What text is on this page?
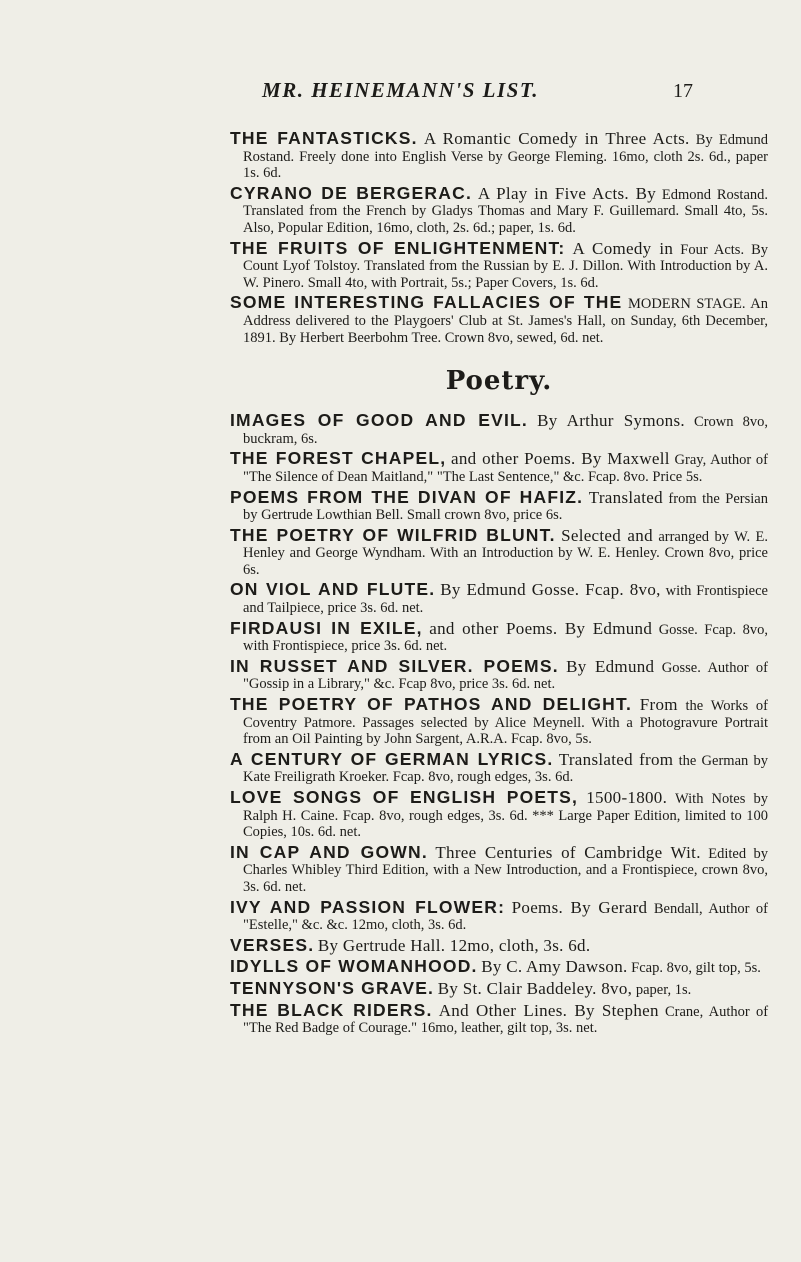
MR. HEINEMANN'S LIST.	17
THE FANTASTICKS. A Romantic Comedy in Three Acts. By Edmund Rostand. Freely done into English Verse by George Fleming. 16mo, cloth 2s. 6d., paper 1s. 6d.
CYRANO DE BERGERAC. A Play in Five Acts. By Edmond Rostand. Translated from the French by Gladys Thomas and Mary F. Guillemard. Small 4to, 5s. Also, Popular Edition, 16mo, cloth, 2s. 6d.; paper, 1s. 6d.
THE FRUITS OF ENLIGHTENMENT: A Comedy in Four Acts. By Count Lyof Tolstoy. Translated from the Russian by E. J. Dillon. With Introduction by A. W. Pinero. Small 4to, with Portrait, 5s.; Paper Covers, 1s. 6d.
SOME INTERESTING FALLACIES OF THE MODERN STAGE. An Address delivered to the Playgoers' Club at St. James's Hall, on Sunday, 6th December, 1891. By Herbert Beerbohm Tree. Crown 8vo, sewed, 6d. net.
Poetry.
IMAGES OF GOOD AND EVIL. By Arthur Symons. Crown 8vo, buckram, 6s.
THE FOREST CHAPEL, and other Poems. By Maxwell Gray, Author of "The Silence of Dean Maitland," "The Last Sentence," &c. Fcap. 8vo. Price 5s.
POEMS FROM THE DIVAN OF HAFIZ. Translated from the Persian by Gertrude Lowthian Bell. Small crown 8vo, price 6s.
THE POETRY OF WILFRID BLUNT. Selected and arranged by W. E. Henley and George Wyndham. With an Introduction by W. E. Henley. Crown 8vo, price 6s.
ON VIOL AND FLUTE. By Edmund Gosse. Fcap. 8vo, with Frontispiece and Tailpiece, price 3s. 6d. net.
FIRDAUSI IN EXILE, and other Poems. By Edmund Gosse. Fcap. 8vo, with Frontispiece, price 3s. 6d. net.
IN RUSSET AND SILVER. POEMS. By Edmund Gosse. Author of "Gossip in a Library," &c. Fcap 8vo, price 3s. 6d. net.
THE POETRY OF PATHOS AND DELIGHT. From the Works of Coventry Patmore. Passages selected by Alice Meynell. With a Photogravure Portrait from an Oil Painting by John Sargent, A.R.A. Fcap. 8vo, 5s.
A CENTURY OF GERMAN LYRICS. Translated from the German by Kate Freiligrath Kroeker. Fcap. 8vo, rough edges, 3s. 6d.
LOVE SONGS OF ENGLISH POETS, 1500-1800. With Notes by Ralph H. Caine. Fcap. 8vo, rough edges, 3s. 6d. *** Large Paper Edition, limited to 100 Copies, 10s. 6d. net.
IN CAP AND GOWN. Three Centuries of Cambridge Wit. Edited by Charles Whibley Third Edition, with a New Introduction, and a Frontispiece, crown 8vo, 3s. 6d. net.
IVY AND PASSION FLOWER: Poems. By Gerard Bendall, Author of "Estelle," &c. &c. 12mo, cloth, 3s. 6d.
VERSES. By Gertrude Hall. 12mo, cloth, 3s. 6d.
IDYLLS OF WOMANHOOD. By C. Amy Dawson. Fcap. 8vo, gilt top, 5s.
TENNYSON'S GRAVE. By St. Clair Baddeley. 8vo, paper, 1s.
THE BLACK RIDERS. And Other Lines. By Stephen Crane, Author of "The Red Badge of Courage." 16mo, leather, gilt top, 3s. net.
